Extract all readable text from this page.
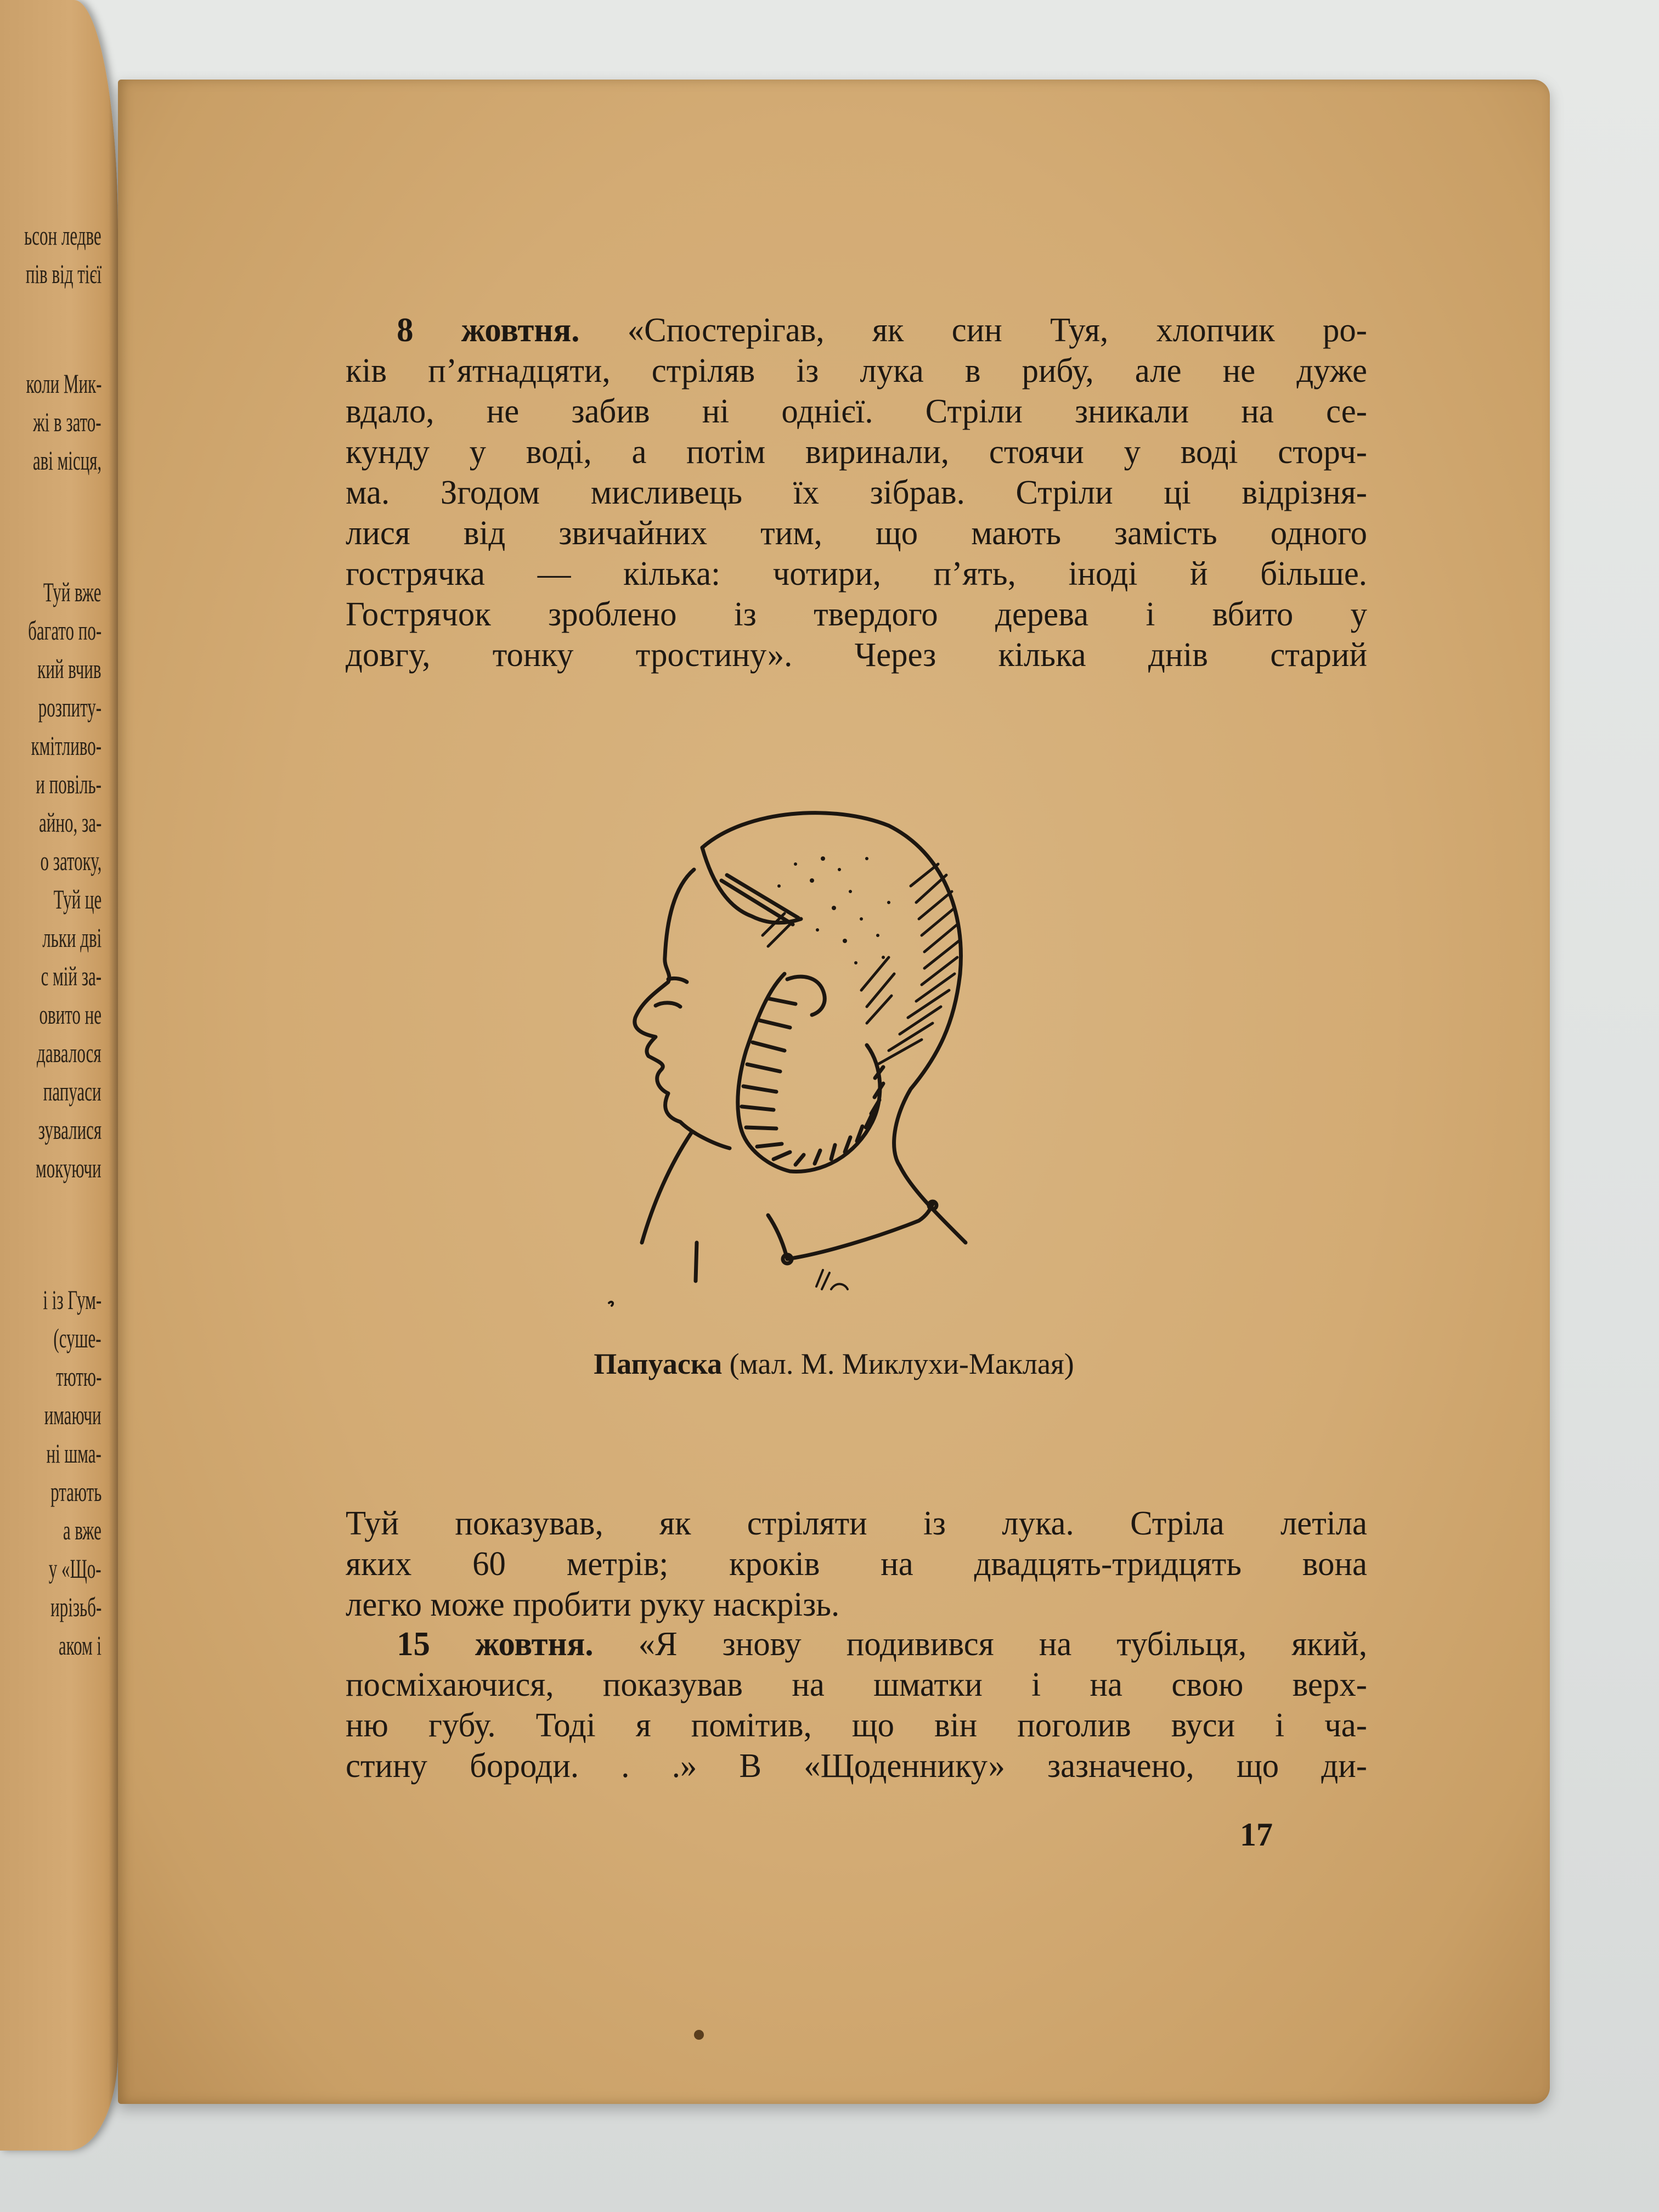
ьсон ледве
пів від тієї
коли Мик-
жі в зато-
аві місця,
Туй вже
багато по-
кий вчив
розпиту-
кмітливо-
и повіль-
айно, за-
о затоку,
Туй це
льки дві
с мій за-
овито не
давалося
папуаси
зувалися
мокуючи
і із Гум-
(суше-
тютю-
имаючи
ні шма-
ртають
а вже
у «Що-
ирізьб-
аком і
8 жовтня. «Спостерігав, як син Туя, хлопчик ро-
ків п’ятнадцяти, стріляв із лука в рибу, але не дуже
вдало, не забив ні однієї. Стріли зникали на се-
кунду у воді, а потім виринали, стоячи у воді сторч-
ма. Згодом мисливець їх зібрав. Стріли ці відрізня-
лися від звичайних тим, що мають замість одного
гострячка — кілька: чотири, п’ять, іноді й більше.
Гострячок зроблено із твердого дерева і вбито у
довгу, тонку тростину». Через кілька днів старий
Папуаска (мал. М. Миклухи-Маклая)
Туй показував, як стріляти із лука. Стріла летіла
яких 60 метрів; кроків на двадцять-тридцять вона
легко може пробити руку наскрізь.
15 жовтня. «Я знову подивився на тубільця, який,
посміхаючися, показував на шматки і на свою верх-
ню губу. Тоді я помітив, що він поголив вуси і ча-
стину бороди. . .» В «Щоденнику» зазначено, що ди-
17
